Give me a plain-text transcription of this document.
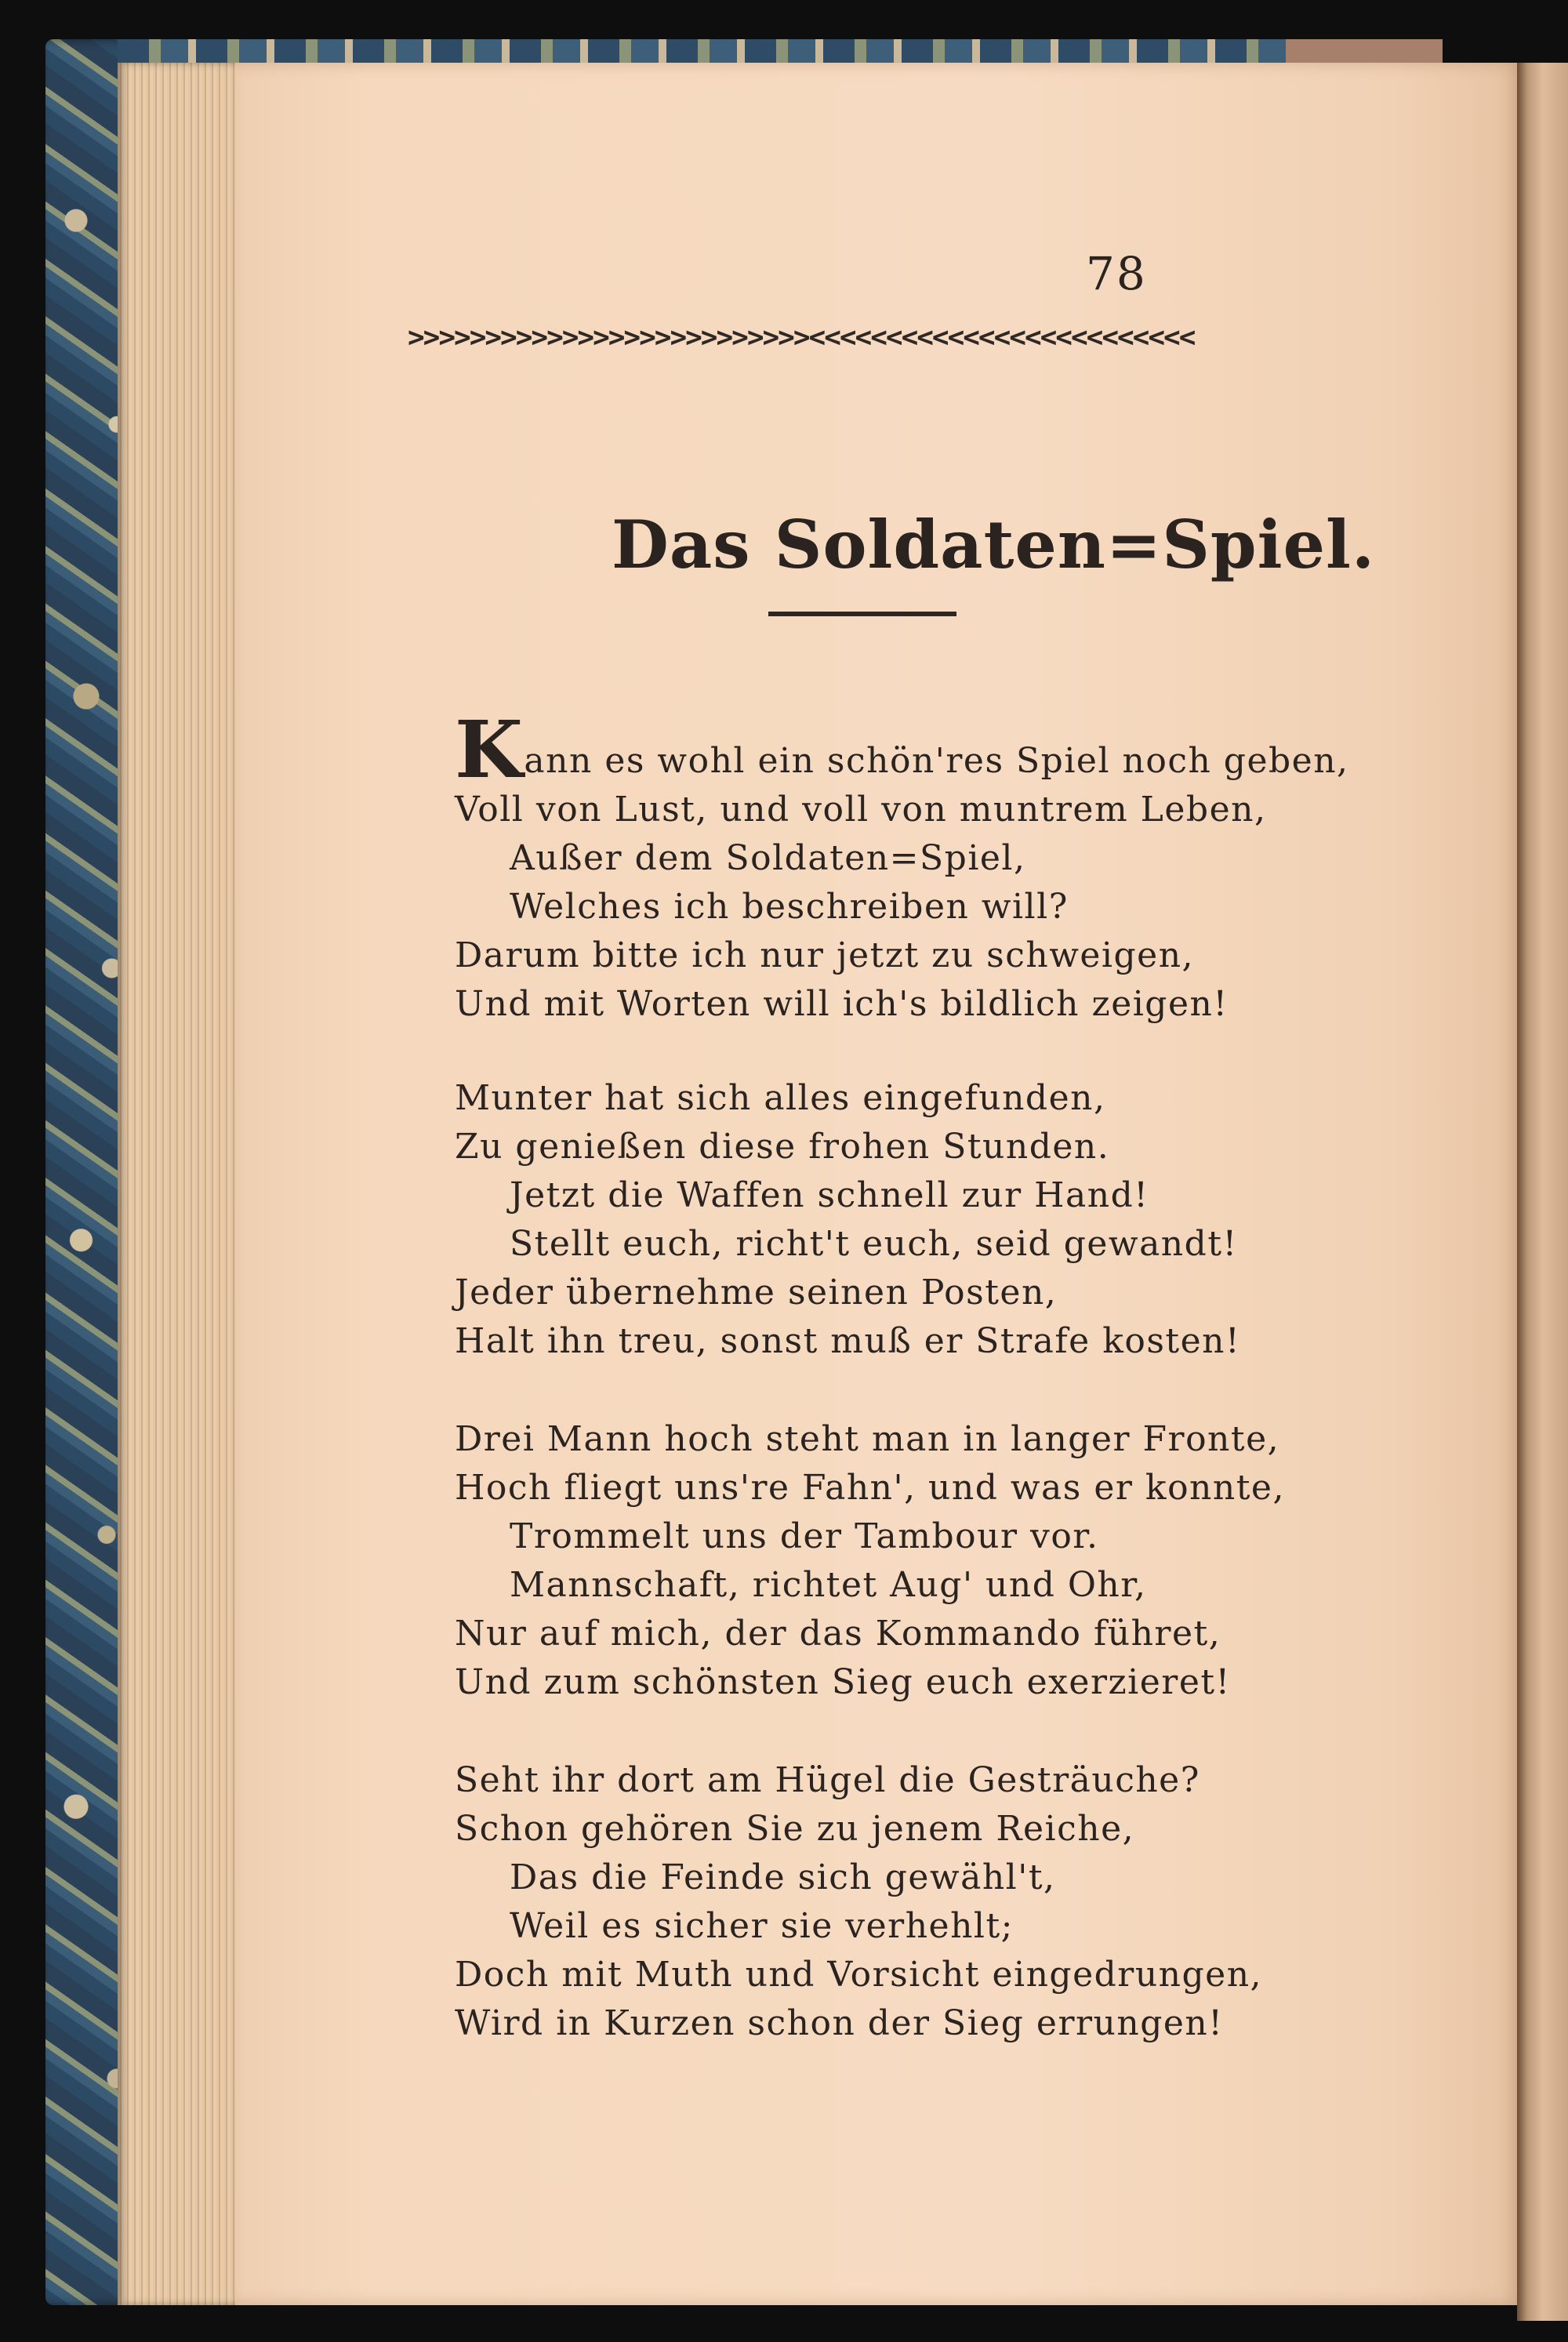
78
>>>>>>>>>>>>>>>>>>>>>>>>>><<<<<<<<<<<<<<<<<<<<<<<<<
Das Soldaten=Spiel.
Kann es wohl ein schön'res Spiel noch geben,
Voll von Lust, und voll von muntrem Leben,
Außer dem Soldaten=Spiel,
Welches ich beschreiben will?
Darum bitte ich nur jetzt zu schweigen,
Und mit Worten will ich's bildlich zeigen!
Munter hat sich alles eingefunden,
Zu genießen diese frohen Stunden.
Jetzt die Waffen schnell zur Hand!
Stellt euch, richt't euch, seid gewandt!
Jeder übernehme seinen Posten,
Halt ihn treu, sonst muß er Strafe kosten!
Drei Mann hoch steht man in langer Fronte,
Hoch fliegt uns're Fahn', und was er konnte,
Trommelt uns der Tambour vor.
Mannschaft, richtet Aug' und Ohr,
Nur auf mich, der das Kommando führet,
Und zum schönsten Sieg euch exerzieret!
Seht ihr dort am Hügel die Gesträuche?
Schon gehören Sie zu jenem Reiche,
Das die Feinde sich gewähl't,
Weil es sicher sie verhehlt;
Doch mit Muth und Vorsicht eingedrungen,
Wird in Kurzen schon der Sieg errungen!
